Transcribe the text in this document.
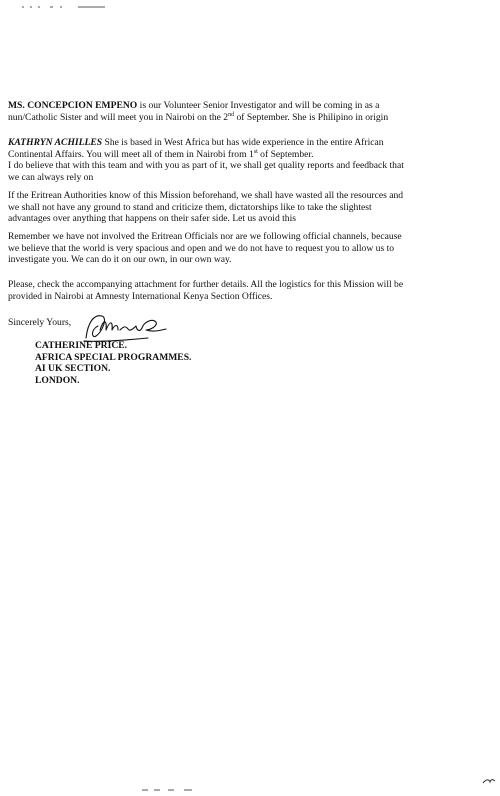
MS. CONCEPCION EMPENO is our Volunteer Senior Investigator and will be coming in as a
nun/Catholic Sister and will meet you in Nairobi on the 2nd of September. She is Philipino in origin

KATHRYN ACHILLES She is based in West Africa but has wide experience in the entire African
Continental Affairs. You will meet all of them in Nairobi from 1st of September.
I do believe that with this team and with you as part of it, we shall get quality reports and feedback that
we can always rely on

If the Eritrean Authorities know of this Mission beforehand, we shall have wasted all the resources and
we shall not have any ground to stand and criticize them, dictatorships like to take the slightest
advantages over anything that happens on their safer side. Let us avoid this

Remember we have not involved the Eritrean Officials nor are we following official channels, because
we believe that the world is very spacious and open and we do not have to request you to allow us to
investigate you. We can do it on our own, in our own way.

Please, check the accompanying attachment for further details. All the logistics for this Mission will be
provided in Nairobi at Amnesty International Kenya Section Offices.

Sincerely Yours,

CATHERINE PRICE.
AFRICA SPECIAL PROGRAMMES.
AI UK SECTION.
LONDON.
